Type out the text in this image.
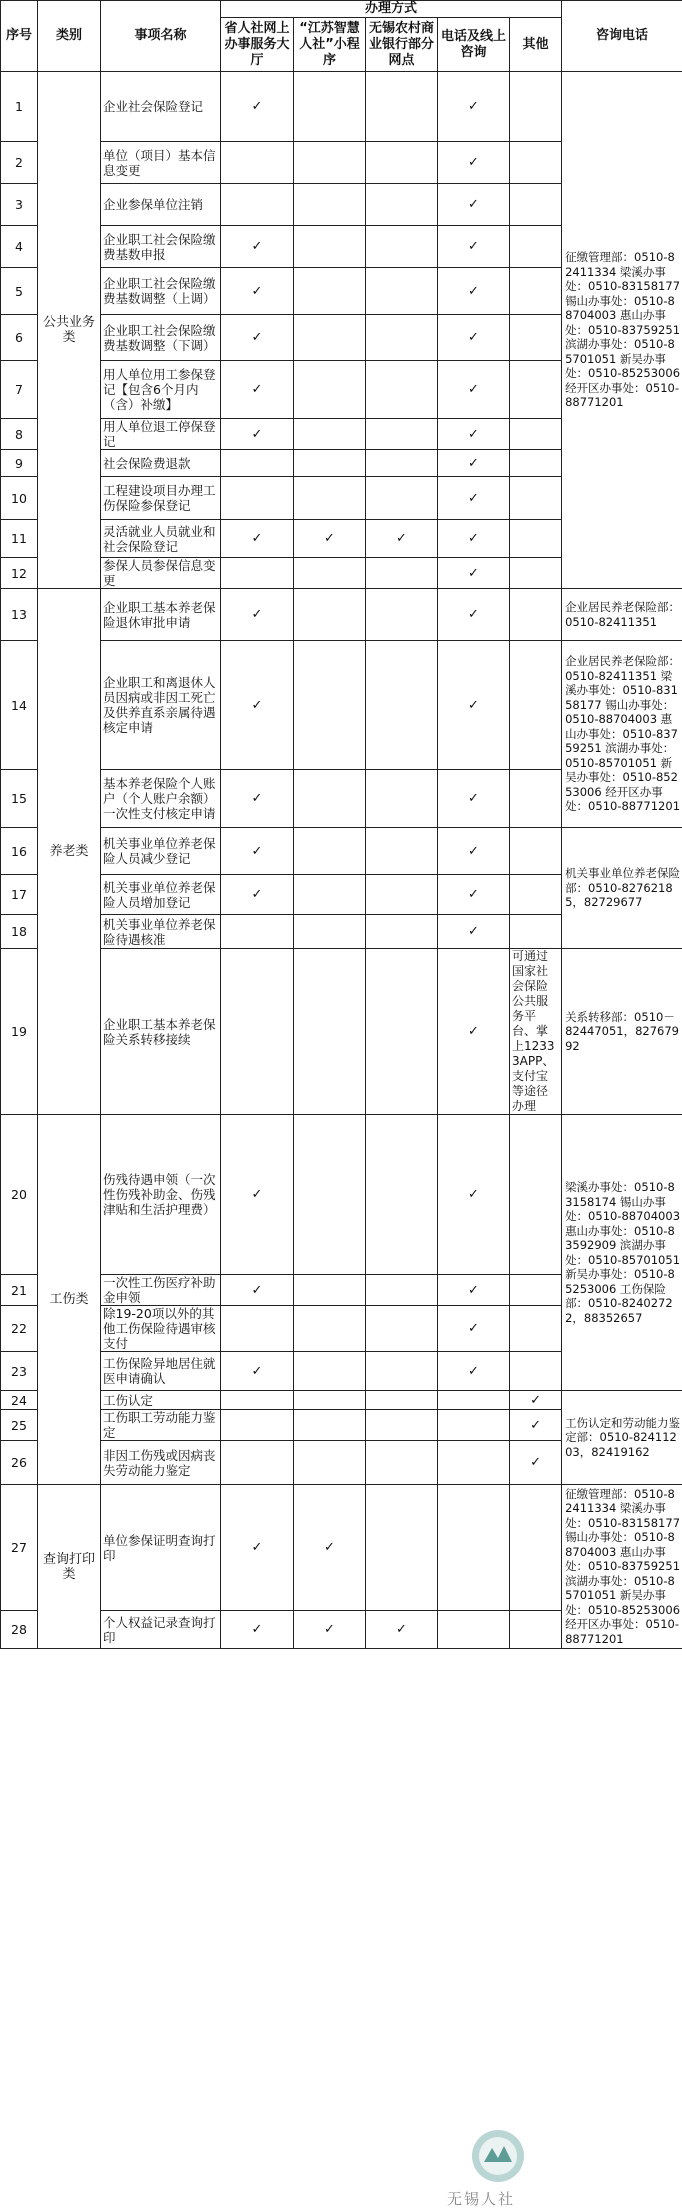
序号	类别	事项名称	办理方式					咨询电话
			省人社网上办事服务大厅	“江苏智慧人社”小程序	无锡农村商业银行部分网点	电话及线上咨询	其他	
1	公共业务类	企业社会保险登记	✓			✓		征缴管理部：0510-82411334 梁溪办事处：0510-83158177 锡山办事处：0510-88704003 惠山办事处：0510-83759251 滨湖办事处：0510-85701051 新吴办事处：0510-85253006 经开区办事处：0510-88771201
2		单位（项目）基本信息变更				✓		
3		企业参保单位注销				✓		
4		企业职工社会保险缴费基数申报	✓			✓		
5		企业职工社会保险缴费基数调整（上调）	✓			✓		
6		企业职工社会保险缴费基数调整（下调）	✓			✓		
7		用人单位用工参保登记【包含6个月内（含）补缴】	✓			✓		
8		用人单位退工停保登记	✓			✓		
9		社会保险费退款				✓		
10		工程建设项目办理工伤保险参保登记				✓		
11		灵活就业人员就业和社会保险登记	✓	✓	✓	✓		
12		参保人员参保信息变更				✓		
13	养老类	企业职工基本养老保险退休审批申请	✓			✓		企业居民养老保险部：0510-82411351
14		企业职工和离退休人员因病或非因工死亡及供养直系亲属待遇核定申请	✓			✓		企业居民养老保险部：0510-82411351 梁溪办事处：0510-83158177 锡山办事处：0510-88704003 惠山办事处：0510-83759251 滨湖办事处：0510-85701051 新吴办事处：0510-85253006 经开区办事处：0510-88771201
15		基本养老保险个人账户（个人账户余额）一次性支付核定申请	✓			✓		
16		机关事业单位养老保险人员减少登记	✓			✓		机关事业单位养老保险部：0510-82762185，82729677
17		机关事业单位养老保险人员增加登记	✓			✓		
18		机关事业单位养老保险待遇核准				✓		
19		企业职工基本养老保险关系转移接续				✓	可通过国家社会保险公共服务平台、掌上12333APP、支付宝等途径办理	关系转移部：0510－82447051，82767992
20	工伤类	伤残待遇申领（一次性伤残补助金、伤残津贴和生活护理费）	✓			✓		梁溪办事处：0510-83158174 锡山办事处：0510-88704003 惠山办事处：0510-83592909 滨湖办事处：0510-85701051 新吴办事处：0510-85253006 工伤保险部：0510-82402722，88352657
21		一次性工伤医疗补助金申领	✓			✓		
22		除19-20项以外的其他工伤保险待遇审核支付				✓		
23		工伤保险异地居住就医申请确认	✓			✓		
24		工伤认定					✓	工伤认定和劳动能力鉴定部：0510-82411203，82419162
25		工伤职工劳动能力鉴定					✓	
26		非因工伤残或因病丧失劳动能力鉴定					✓	
27	查询打印类	单位参保证明查询打印	✓	✓				征缴管理部：0510-82411334 梁溪办事处：0510-83158177 锡山办事处：0510-88704003 惠山办事处：0510-83759251 滨湖办事处：0510-85701051 新吴办事处：0510-85253006 经开区办事处：0510-88771201
28		个人权益记录查询打印	✓	✓	✓			
无锡人社
